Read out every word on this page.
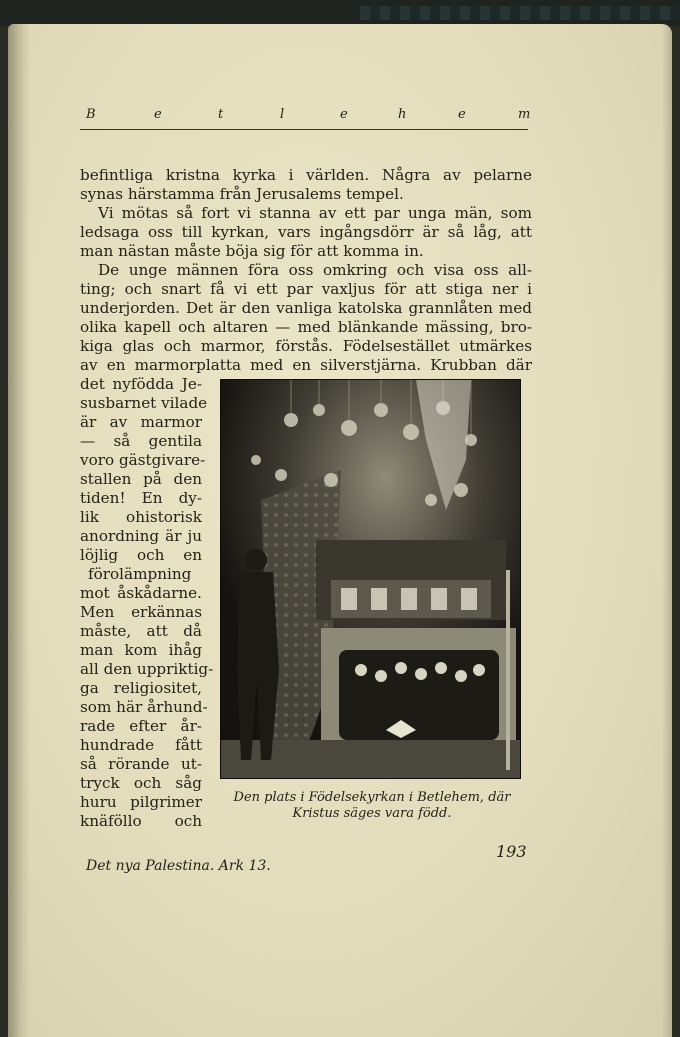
B	e	t	l	e	h	e	m
befintliga kristna kyrka i världen. Några av pelarne
synas härstamma från Jerusalems tempel.
Vi mötas så fort vi stanna av ett par unga män, som
ledsaga oss till kyrkan, vars ingångsdörr är så låg, att
man nästan måste böja sig för att komma in.
De unge männen föra oss omkring och visa oss all-
ting; och snart få vi ett par vaxljus för att stiga ner i
underjorden. Det är den vanliga katolska grannlåten med
olika kapell och altaren — med blänkande mässing, bro-
kiga glas och marmor, förstås. Födelsestället utmärkes
av en marmorplatta med en silverstjärna. Krubban där
det nyfödda Je-
susbarnet vilade
är av marmor
— så gentila
voro gästgivare-
stallen på den
tiden! En dy-
lik ohistorisk
anordning är ju
löjlig och en
förolämpning
mot åskådarne.
Men erkännas
måste, att då
man kom ihåg
all den uppriktig-
ga religiositet,
som här århund-
rade efter år-
hundrade fått
så rörande ut-
tryck och såg
huru pilgrimer
knäföllo och
Den plats i Födelsekyrkan i Betlehem, där
Kristus säges vara född.
Det nya Palestina. Ark 13.
193
